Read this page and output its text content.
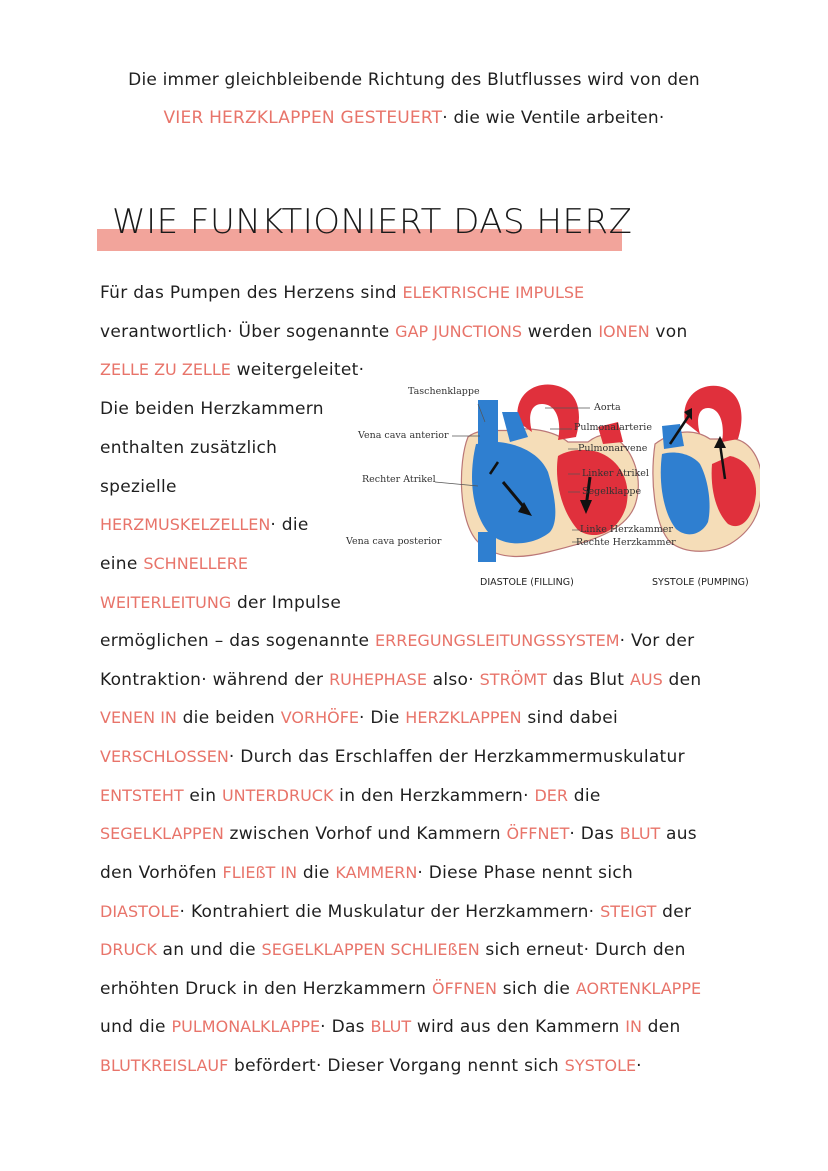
Die immer gleichbleibende Richtung des Blutflusses wird von den
VIER HERZKLAPPEN GESTEUERT· die wie Ventile arbeiten·
WIE FUNKTIONIERT DAS HERZ
Für das Pumpen des Herzens sind ELEKTRISCHE IMPULSE
verantwortlich· Über sogenannte GAP JUNCTIONS werden IONEN von
ZELLE ZU ZELLE weitergeleitet·
Die beiden Herzkammern
enthalten zusätzlich
spezielle
HERZMUSKELZELLEN· die
eine SCHNELLERE
WEITERLEITUNG der Impulse
ermöglichen – das sogenannte ERREGUNGSLEITUNGSSYSTEM· Vor der
Kontraktion· während der RUHEPHASE also· STRÖMT das Blut AUS den
VENEN IN die beiden VORHÖFE· Die HERZKLAPPEN sind dabei
VERSCHLOSSEN· Durch das Erschlaffen der Herzkammermuskulatur
ENTSTEHT ein UNTERDRUCK in den Herzkammern· DER die
SEGELKLAPPEN zwischen Vorhof und Kammern ÖFFNET· Das BLUT aus
den Vorhöfen FLIEßT IN die KAMMERN· Diese Phase nennt sich
DIASTOLE· Kontrahiert die Muskulatur der Herzkammern· STEIGT der
DRUCK an und die SEGELKLAPPEN SCHLIEßEN sich erneut· Durch den
erhöhten Druck in den Herzkammern ÖFFNEN sich die AORTENKLAPPE
und die PULMONALKLAPPE· Das BLUT wird aus den Kammern IN den
BLUTKREISLAUF befördert· Dieser Vorgang nennt sich SYSTOLE·
Taschenklappe
Vena cava anterior
Rechter Atrikel
Vena cava posterior
Aorta
Pulmonalarterie
Pulmonarvene
Linker Atrikel
Segelklappe
Linke Herzkammer
Rechte Herzkammer
DIASTOLE (FILLING)	SYSTOLE (PUMPING)
